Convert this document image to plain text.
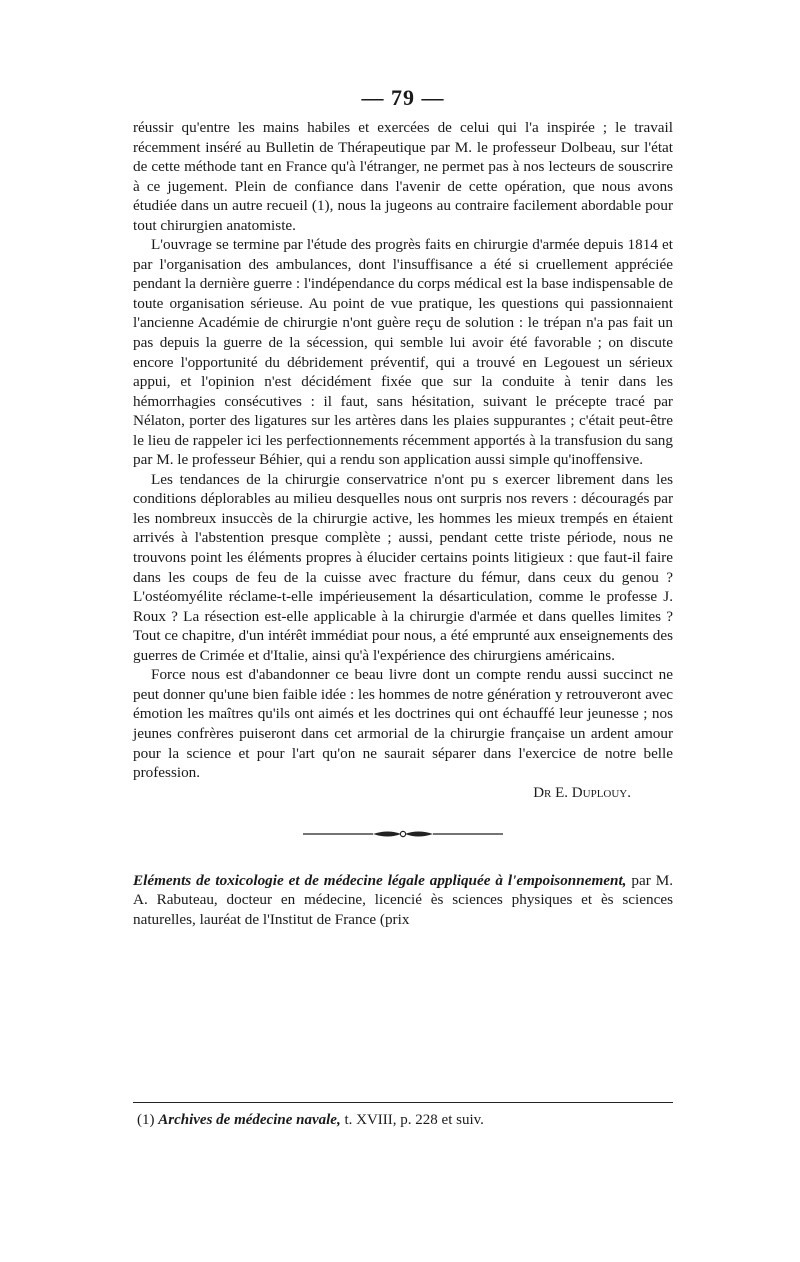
— 79 —

réussir qu'entre les mains habiles et exercées de celui qui l'a inspirée ; le travail récemment inséré au Bulletin de Thérapeutique par M. le professeur Dolbeau, sur l'état de cette méthode tant en France qu'à l'étranger, ne permet pas à nos lecteurs de souscrire à ce jugement. Plein de confiance dans l'avenir de cette opération, que nous avons étudiée dans un autre recueil (1), nous la jugeons au contraire facilement abordable pour tout chirurgien anatomiste.

L'ouvrage se termine par l'étude des progrès faits en chirurgie d'armée depuis 1814 et par l'organisation des ambulances, dont l'insuffisance a été si cruellement appréciée pendant la dernière guerre : l'indépendance du corps médical est la base indispensable de toute organisation sérieuse. Au point de vue pratique, les questions qui passionnaient l'ancienne Académie de chirurgie n'ont guère reçu de solution : le trépan n'a pas fait un pas depuis la guerre de la sécession, qui semble lui avoir été favorable ; on discute encore l'opportunité du débridement préventif, qui a trouvé en Legouest un sérieux appui, et l'opinion n'est décidément fixée que sur la conduite à tenir dans les hémorrhagies consécutives : il faut, sans hésitation, suivant le précepte tracé par Nélaton, porter des ligatures sur les artères dans les plaies suppurantes ; c'était peut-être le lieu de rappeler ici les perfectionnements récemment apportés à la transfusion du sang par M. le professeur Béhier, qui a rendu son application aussi simple qu'inoffensive.

Les tendances de la chirurgie conservatrice n'ont pu s exercer librement dans les conditions déplorables au milieu desquelles nous ont surpris nos revers : découragés par les nombreux insuccès de la chirurgie active, les hommes les mieux trempés en étaient arrivés à l'abstention presque complète ; aussi, pendant cette triste période, nous ne trouvons point les éléments propres à élucider certains points litigieux : que faut-il faire dans les coups de feu de la cuisse avec fracture du fémur, dans ceux du genou ? L'ostéomyélite réclame-t-elle impérieusement la désarticulation, comme le professe J. Roux ? La résection est-elle applicable à la chirurgie d'armée et dans quelles limites ? Tout ce chapitre, d'un intérêt immédiat pour nous, a été emprunté aux enseignements des guerres de Crimée et d'Italie, ainsi qu'à l'expérience des chirurgiens américains.

Force nous est d'abandonner ce beau livre dont un compte rendu aussi succinct ne peut donner qu'une bien faible idée : les hommes de notre génération y retrouveront avec émotion les maîtres qu'ils ont aimés et les doctrines qui ont échauffé leur jeunesse ; nos jeunes confrères puiseront dans cet armorial de la chirurgie française un ardent amour pour la science et pour l'art qu'on ne saurait séparer dans l'exercice de notre belle profession.

Dr E. Duplouy.

Eléments de toxicologie et de médecine légale appliquée à l'empoisonnement, par M. A. Rabuteau, docteur en médecine, licencié ès sciences physiques et ès sciences naturelles, lauréat de l'Institut de France (prix

(1) Archives de médecine navale, t. XVIII, p. 228 et suiv.
